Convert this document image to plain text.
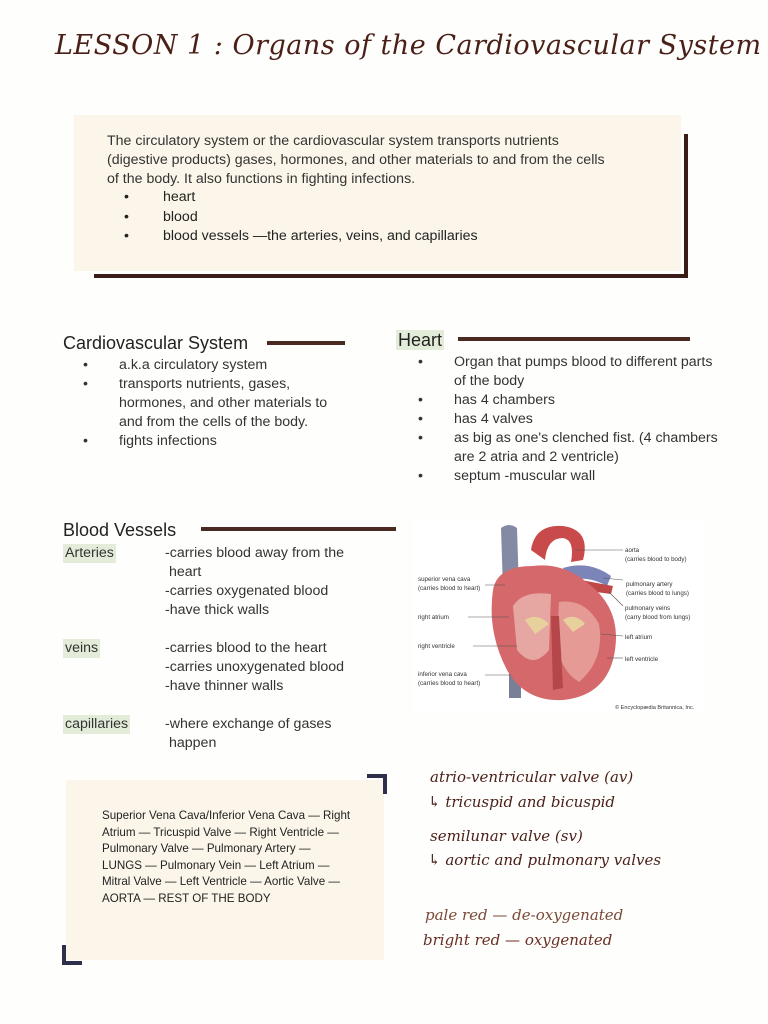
LESSON 1 : Organs of the Cardiovascular System

The circulatory system or the cardiovascular system transports nutrients (digestive products) gases, hormones, and other materials to and from the cells of the body. It also functions in fighting infections.

• heart
• blood
• blood vessels —the arteries, veins, and capillaries
Cardiovascular System
• a.k.a circulatory system
• transports nutrients, gases, hormones, and other materials to and from the cells of the body.
• fights infections
Heart
• Organ that pumps blood to different parts of the body
• has 4 chambers
• has 4 valves
• as big as one's clenched fist. (4 chambers are 2 atria and 2 ventricle)
• septum -muscular wall
Blood Vessels
Arteries	-carries blood away from the
heart
-carries oxygenated blood
-have thick walls
veins	-carries blood to the heart
-carries unoxygenated blood
-have thinner walls
capillaries	-where exchange of gases
happen
aorta
(carries blood to body)
pulmonary artery
(carries blood to lungs)
pulmonary veins
(carry blood from lungs)
left atrium
left ventricle
superior vena cava
(carries blood to heart)
right atrium
right ventricle
inferior vena cava
(carries blood to heart)
© Encyclopædia Britannica, Inc.

Superior Vena Cava/Inferior Vena Cava — Right Atrium — Tricuspid Valve — Right Ventricle — Pulmonary Valve — Pulmonary Artery — LUNGS — Pulmonary Vein — Left Atrium — Mitral Valve — Left Ventricle — Aortic Valve — AORTA — REST OF THE BODY

atrio-ventricular valve (av)
↳ tricuspid and bicuspid
semilunar valve (sv)
↳ aortic and pulmonary valves
pale red — de-oxygenated
bright red — oxygenated
